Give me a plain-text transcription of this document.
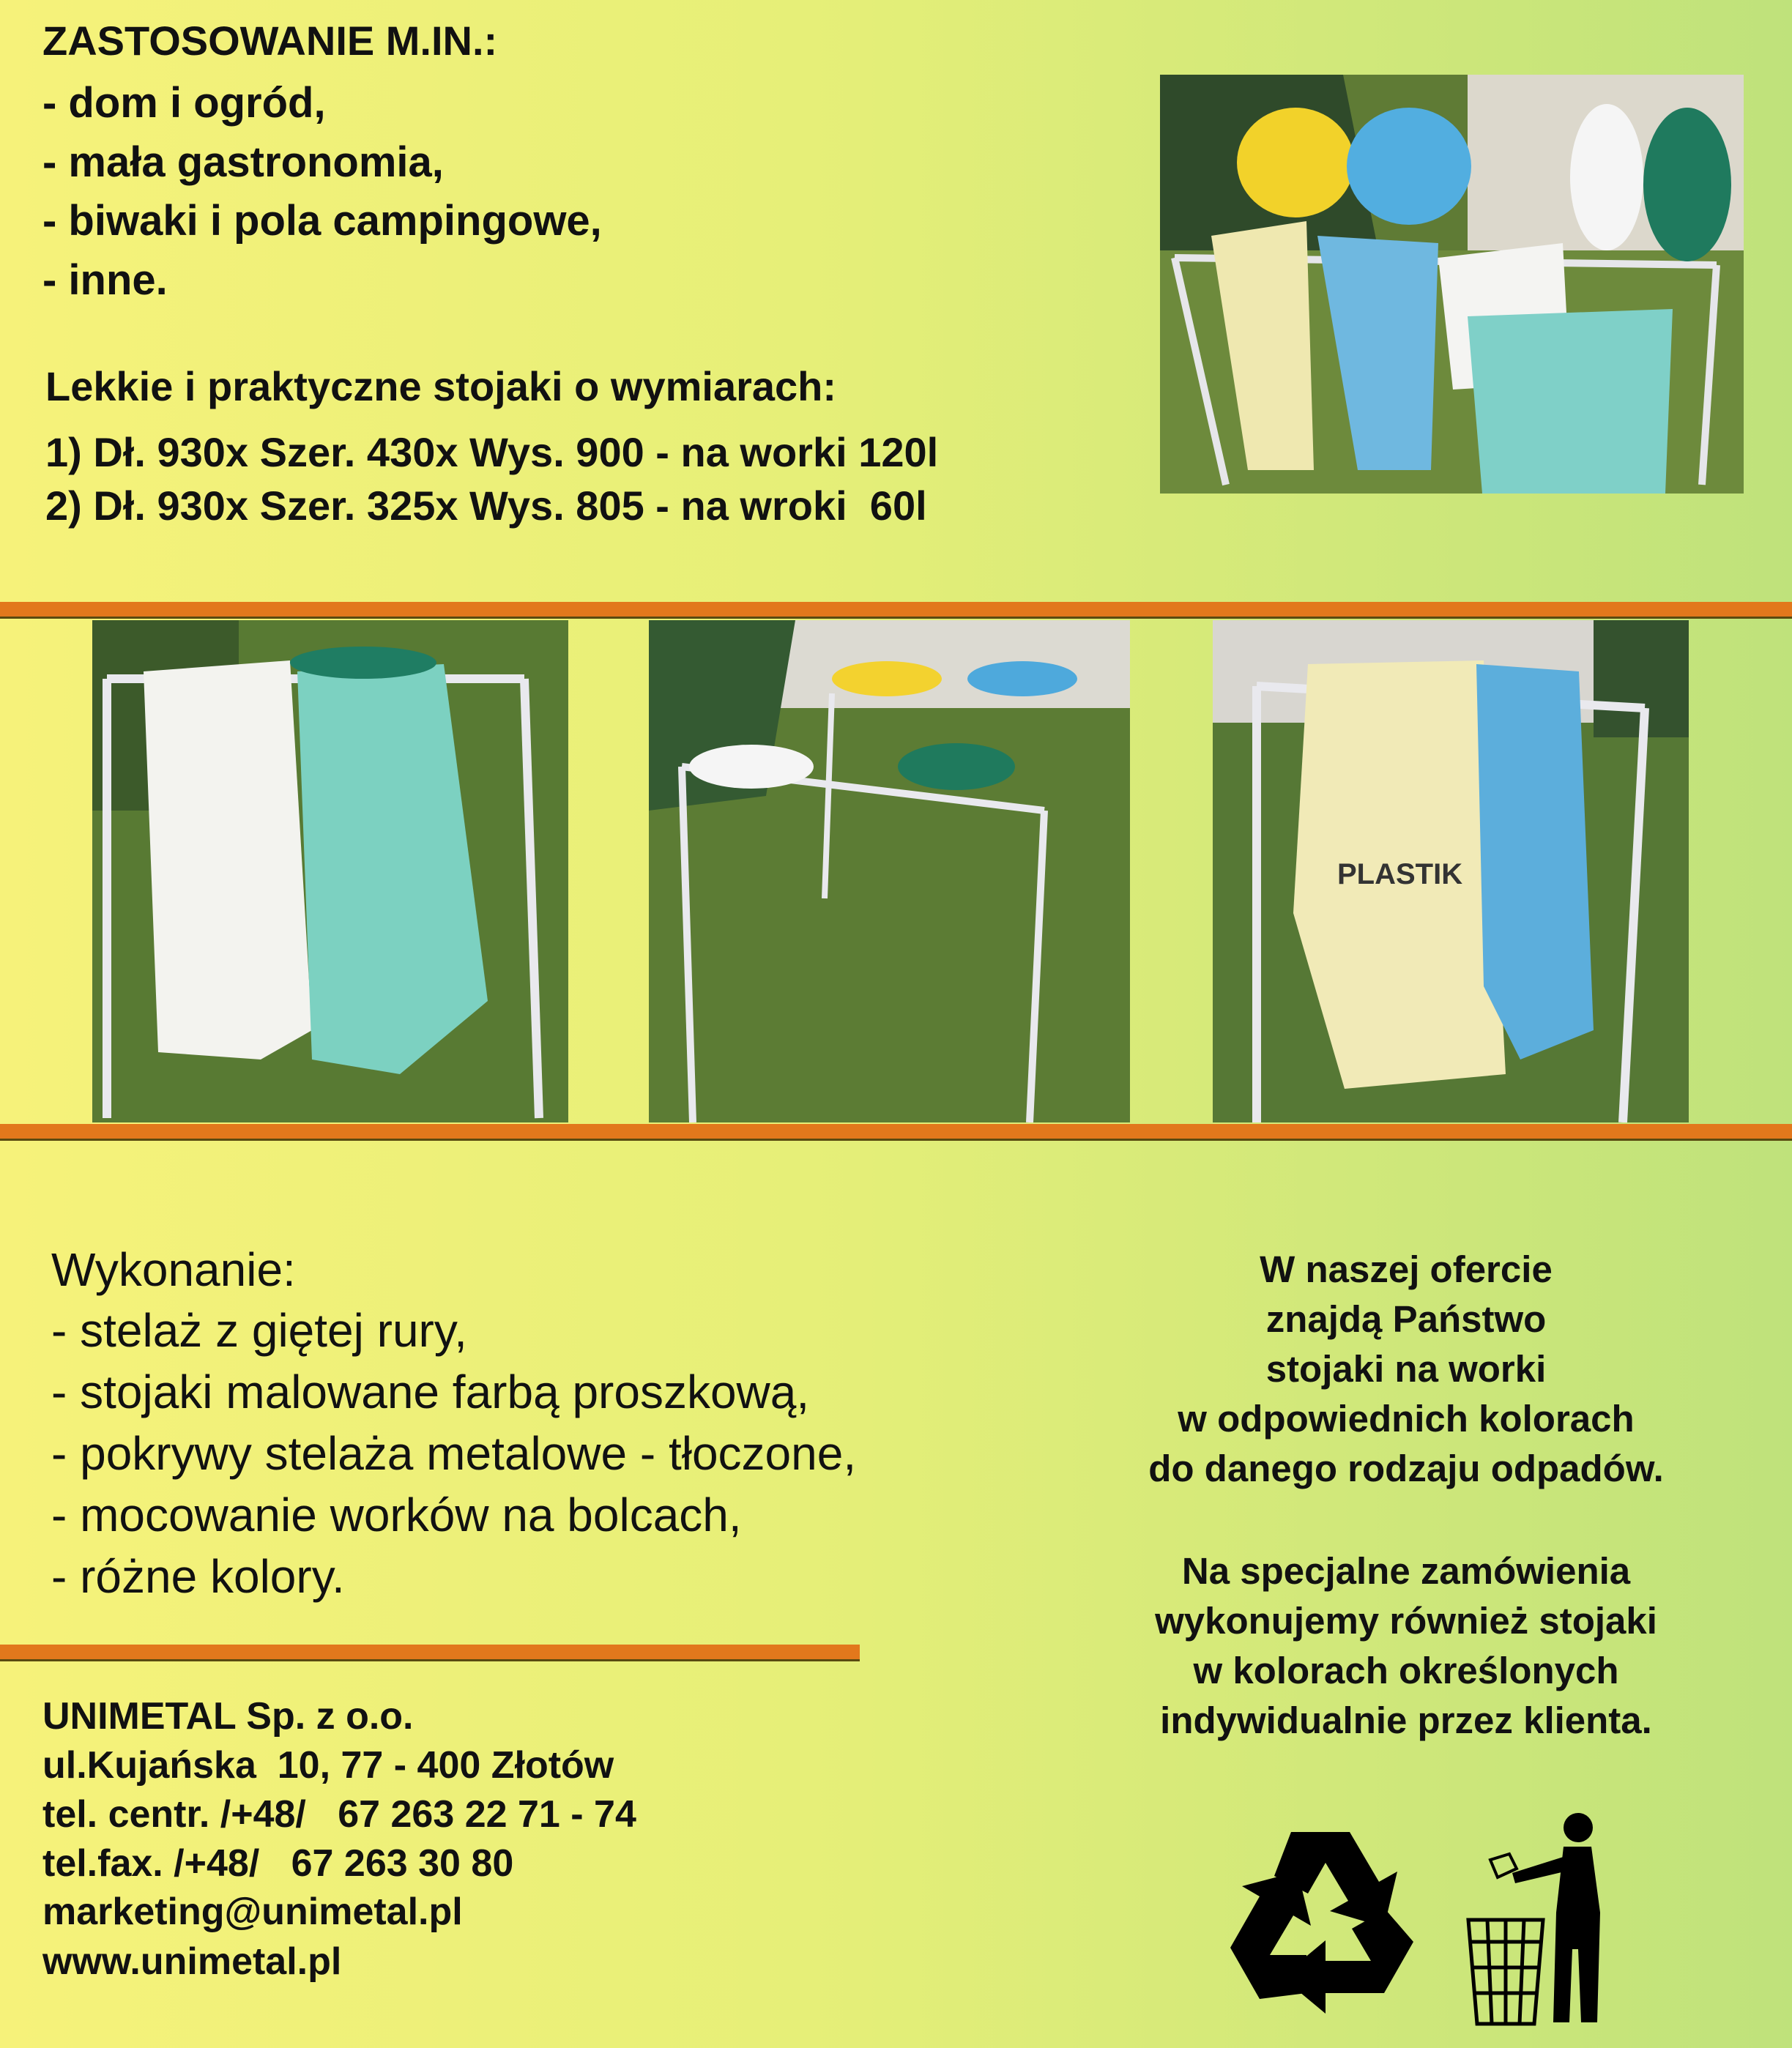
ZASTOSOWANIE M.IN.:
- dom i ogród,
- mała gastronomia,
- biwaki i pola campingowe,
- inne.
Lekkie i praktyczne stojaki o wymiarach:
1) Dł. 930x Szer. 430x Wys. 900 - na worki 120l
2) Dł. 930x Szer. 325x Wys. 805 - na wroki  60l
PLASTIK
Wykonanie:
- stelaż z giętej rury,
- stojaki malowane farbą proszkową,
- pokrywy stelaża metalowe - tłoczone,
- mocowanie worków na bolcach,
- różne kolory.
W naszej ofercie
znajdą Państwo
stojaki na worki
w odpowiednich kolorach
do danego rodzaju odpadów.
Na specjalne zamówienia
wykonujemy również stojaki
w kolorach określonych
indywidualnie przez klienta.
UNIMETAL Sp. z o.o.
ul.Kujańska  10, 77 - 400 Złotów
tel. centr. /+48/   67 263 22 71 - 74
tel.fax. /+48/   67 263 30 80
marketing@unimetal.pl
www.unimetal.pl
